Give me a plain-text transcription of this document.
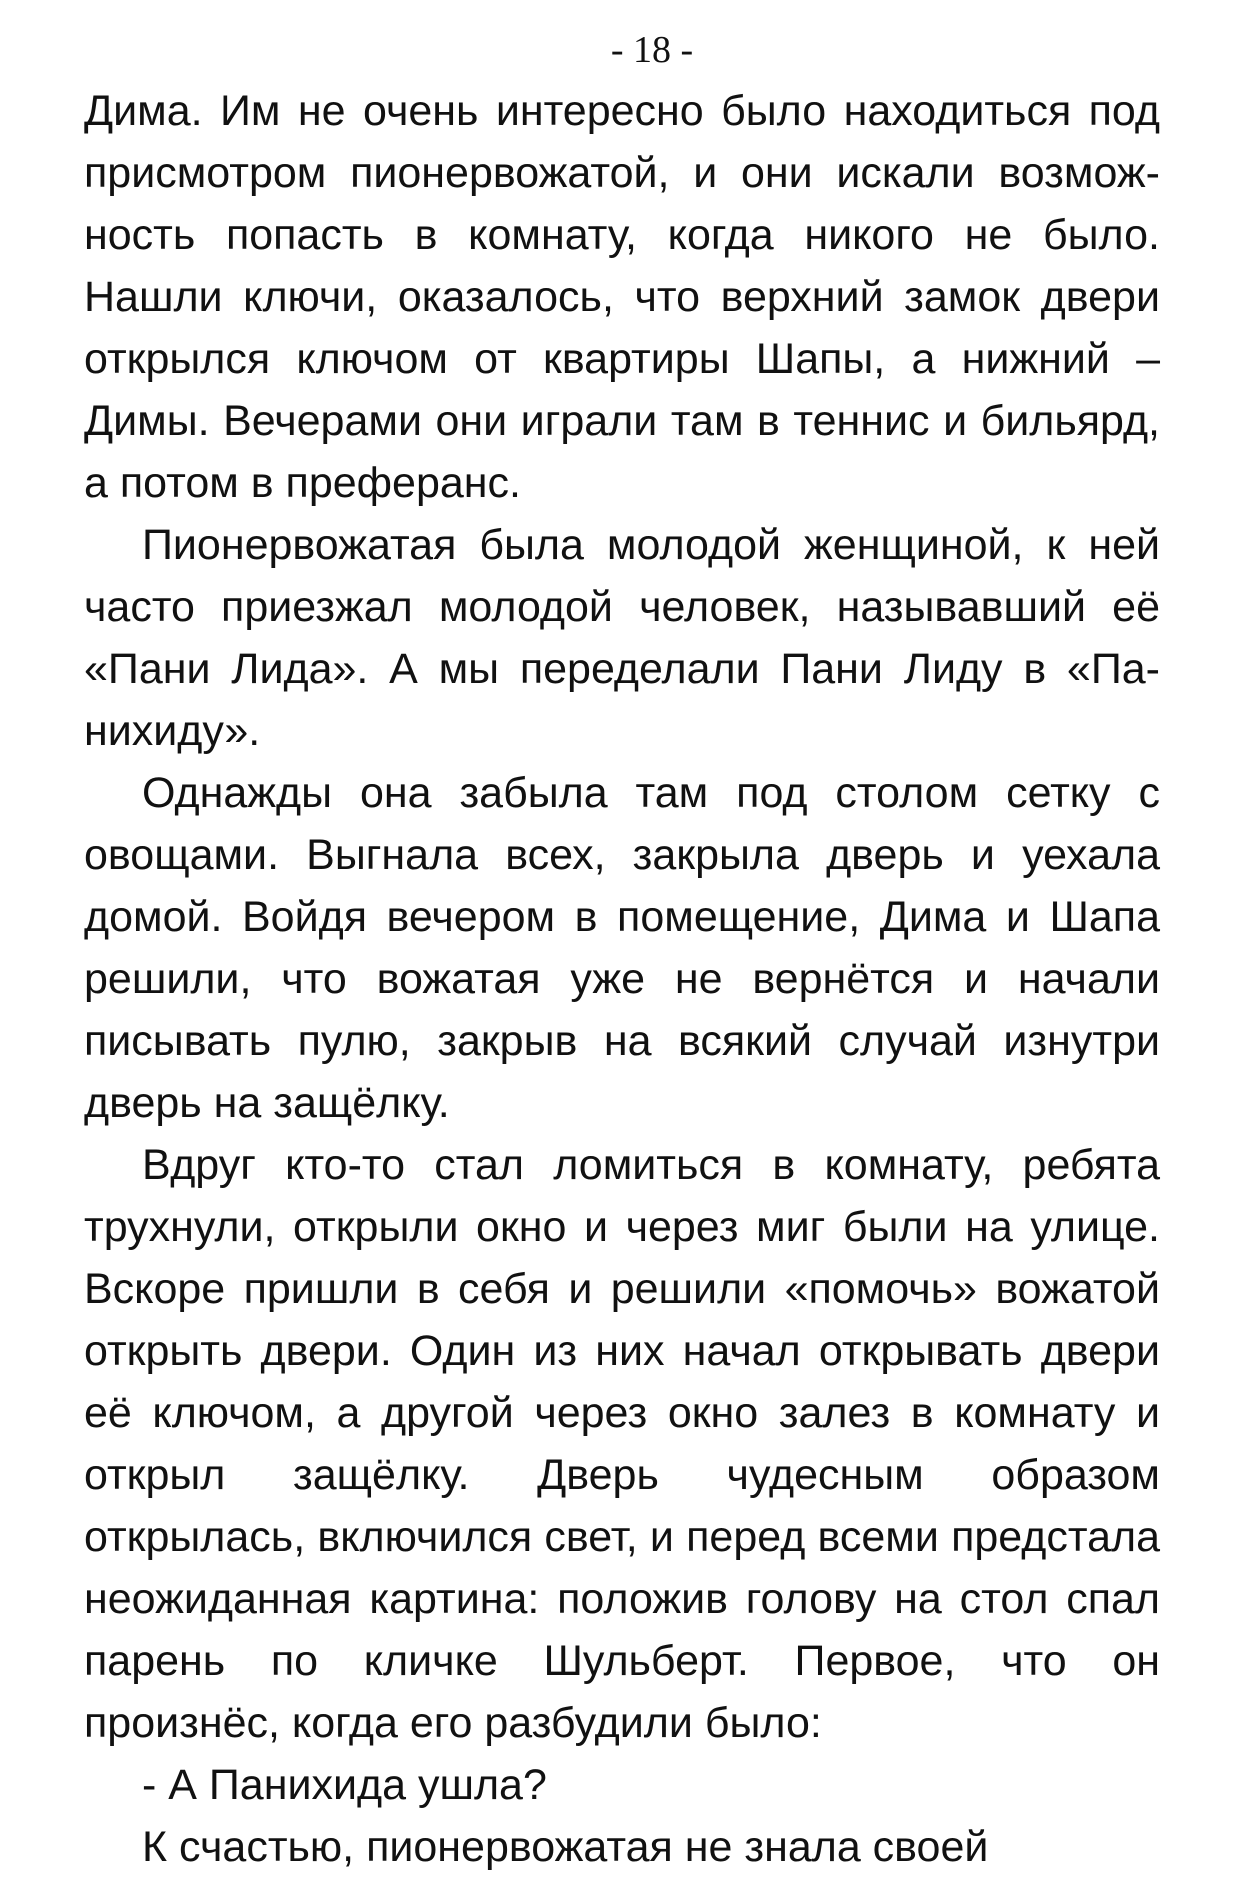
- 18 -

Дима. Им не очень интересно было находиться под присмотром пионервожатой, и они искали возможность попасть в комнату, когда никого не было. Нашли ключи, оказалось, что верхний замок двери открылся ключом от квартиры Шапы, а нижний – Димы. Вечерами они играли там в теннис и бильярд, а потом в преферанс.

Пионервожатая была молодой женщиной, к ней часто приезжал молодой человек, называвший её «Пани Лида». А мы переделали Пани Лиду в «Панихиду».

Однажды она забыла там под столом сетку с овощами. Выгнала всех, закрыла дверь и уехала домой. Войдя вечером в помещение, Дима и Шапа решили, что вожатая уже не вернётся и начали писывать пулю, закрыв на всякий случай изнутри дверь на защёлку.

Вдруг кто-то стал ломиться в комнату, ребята трухнули, открыли окно и через миг были на улице. Вскоре пришли в себя и решили «помочь» вожатой открыть двери. Один из них начал открывать двери её ключом, а другой через окно залез в комнату и открыл защёлку. Дверь чудесным образом открылась, включился свет, и перед всеми предстала неожиданная картина: положив голову на стол спал парень по кличке Шульберт. Первое, что он произнёс, когда его разбудили было:

- А Панихида ушла?

К счастью, пионервожатая не знала своей
